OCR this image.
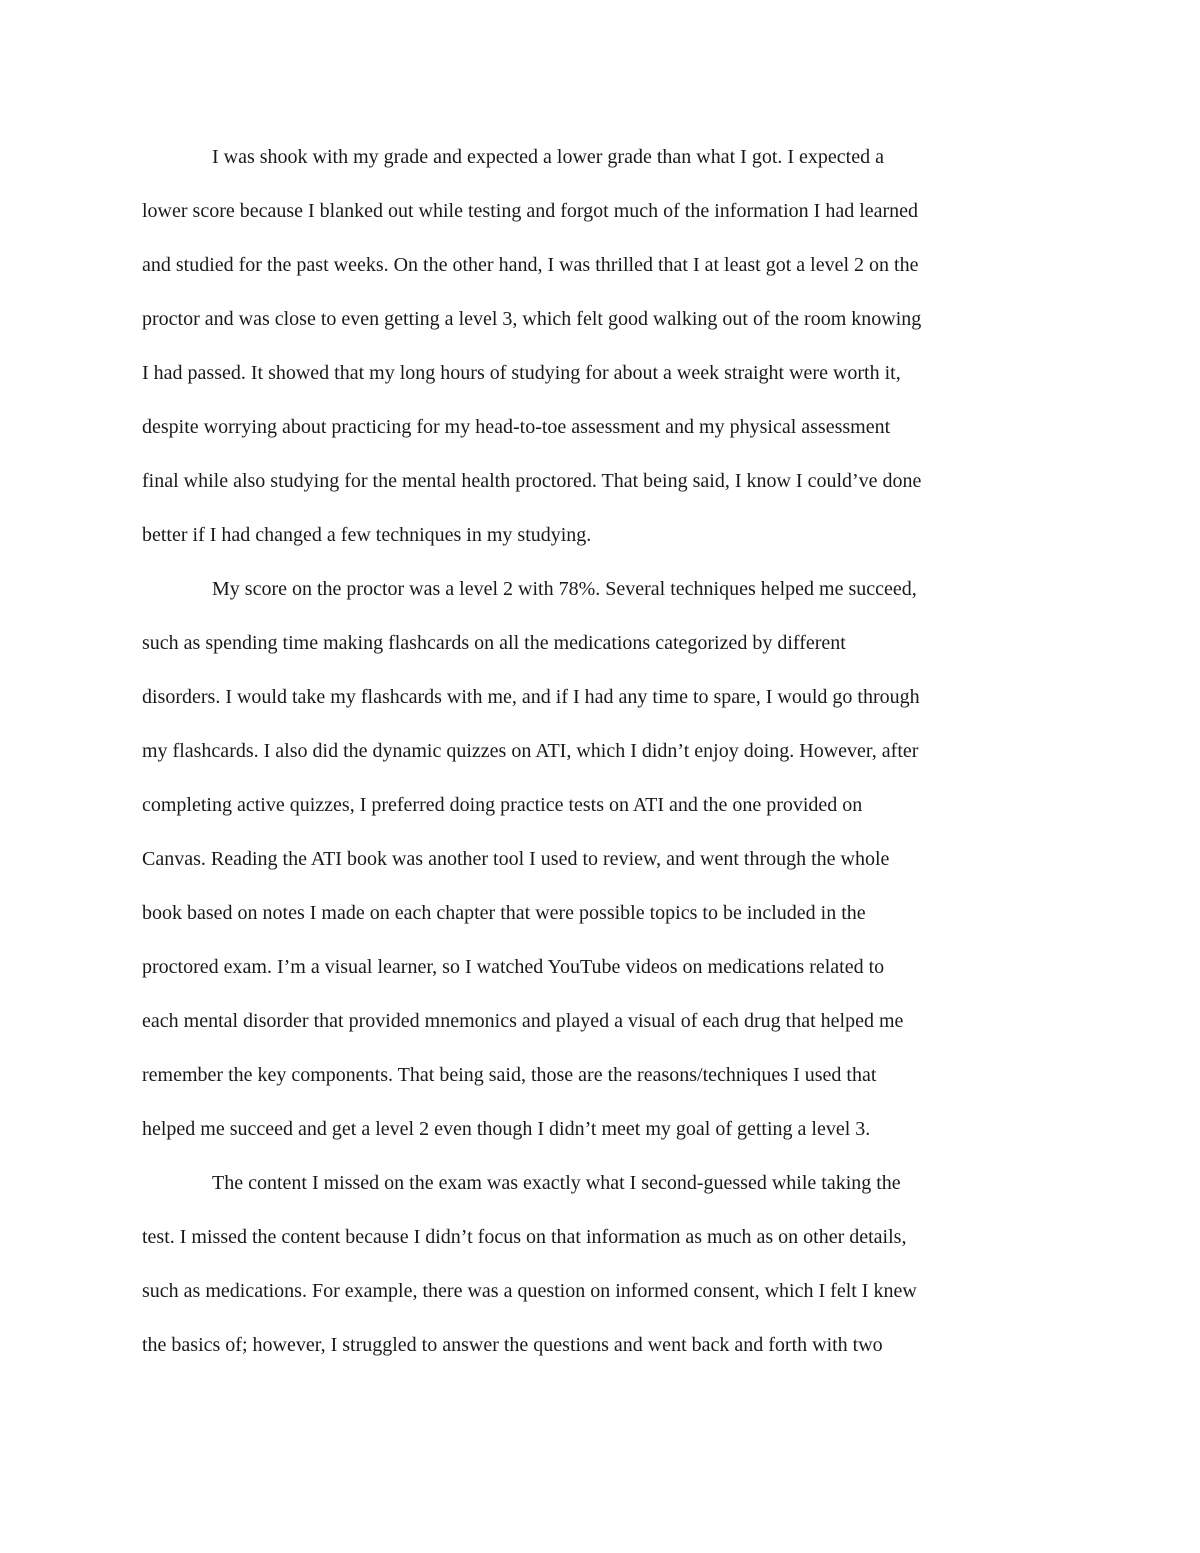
I was shook with my grade and expected a lower grade than what I got. I expected a
lower score because I blanked out while testing and forgot much of the information I had learned
and studied for the past weeks. On the other hand, I was thrilled that I at least got a level 2 on the
proctor and was close to even getting a level 3, which felt good walking out of the room knowing
I had passed. It showed that my long hours of studying for about a week straight were worth it,
despite worrying about practicing for my head-to-toe assessment and my physical assessment
final while also studying for the mental health proctored. That being said, I know I could’ve done
better if I had changed a few techniques in my studying.
My score on the proctor was a level 2 with 78%. Several techniques helped me succeed,
such as spending time making flashcards on all the medications categorized by different
disorders. I would take my flashcards with me, and if I had any time to spare, I would go through
my flashcards. I also did the dynamic quizzes on ATI, which I didn’t enjoy doing. However, after
completing active quizzes, I preferred doing practice tests on ATI and the one provided on
Canvas. Reading the ATI book was another tool I used to review, and went through the whole
book based on notes I made on each chapter that were possible topics to be included in the
proctored exam. I’m a visual learner, so I watched YouTube videos on medications related to
each mental disorder that provided mnemonics and played a visual of each drug that helped me
remember the key components. That being said, those are the reasons/techniques I used that
helped me succeed and get a level 2 even though I didn’t meet my goal of getting a level 3.
The content I missed on the exam was exactly what I second-guessed while taking the
test. I missed the content because I didn’t focus on that information as much as on other details,
such as medications. For example, there was a question on informed consent, which I felt I knew
the basics of; however, I struggled to answer the questions and went back and forth with two
